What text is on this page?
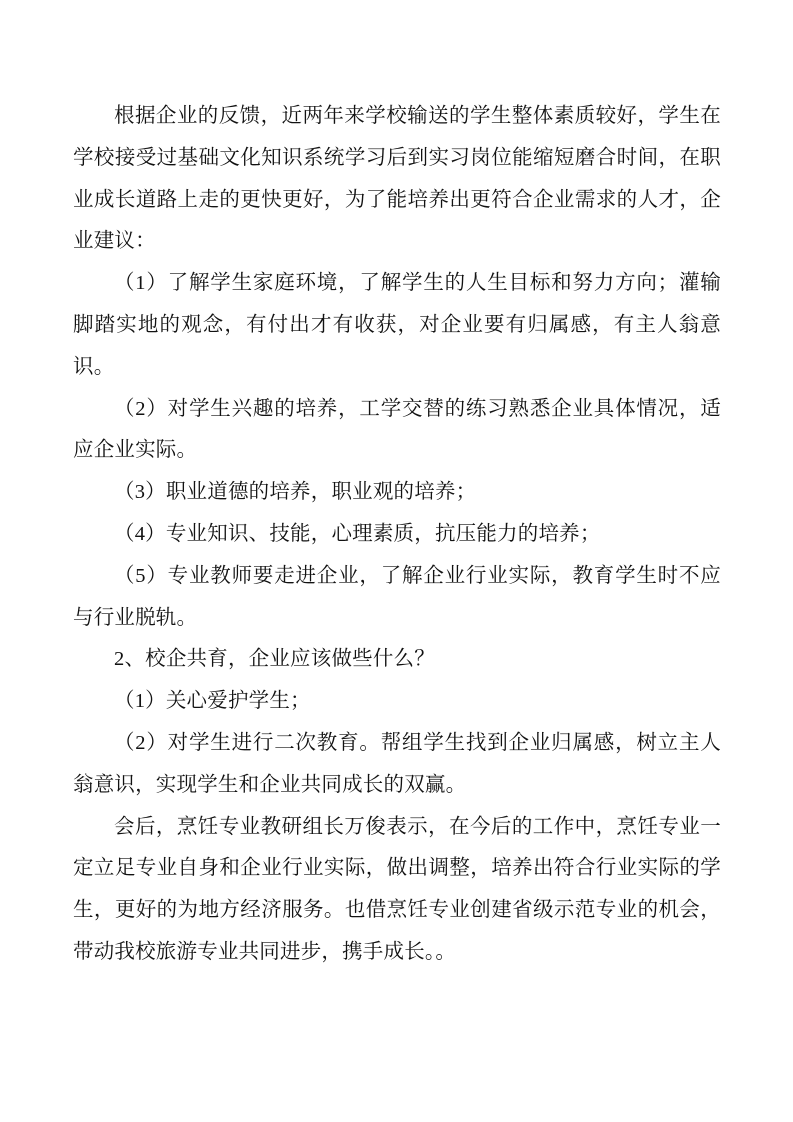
根据企业的反馈，近两年来学校输送的学生整体素质较好，学生在学校接受过基础文化知识系统学习后到实习岗位能缩短磨合时间，在职业成长道路上走的更快更好，为了能培养出更符合企业需求的人才，企业建议：

（1）了解学生家庭环境，了解学生的人生目标和努力方向；灌输脚踏实地的观念，有付出才有收获，对企业要有归属感，有主人翁意识。

（2）对学生兴趣的培养，工学交替的练习熟悉企业具体情况，适应企业实际。

（3）职业道德的培养，职业观的培养；

（4）专业知识、技能，心理素质，抗压能力的培养；

（5）专业教师要走进企业，了解企业行业实际，教育学生时不应与行业脱轨。

2、校企共育，企业应该做些什么？

（1）关心爱护学生；

（2）对学生进行二次教育。帮组学生找到企业归属感，树立主人翁意识，实现学生和企业共同成长的双赢。

会后，烹饪专业教研组长万俊表示，在今后的工作中，烹饪专业一定立足专业自身和企业行业实际，做出调整，培养出符合行业实际的学生，更好的为地方经济服务。也借烹饪专业创建省级示范专业的机会，带动我校旅游专业共同进步，携手成长。。
